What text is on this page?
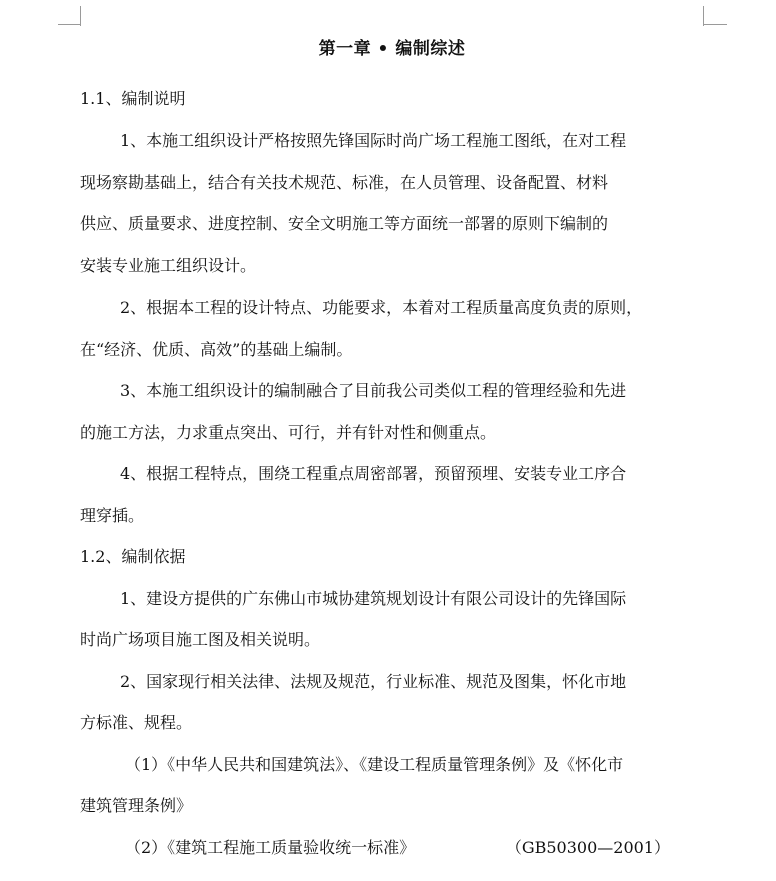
第一章 • 编制综述
1.1、编制说明
1、本施工组织设计严格按照先锋国际时尚广场工程施工图纸，在对工程
现场察勘基础上，结合有关技术规范、标准，在人员管理、设备配置、材料
供应、质量要求、进度控制、安全文明施工等方面统一部署的原则下编制的
安装专业施工组织设计。
2、根据本工程的设计特点、功能要求，本着对工程质量高度负责的原则，
在“经济、优质、高效”的基础上编制。
3、本施工组织设计的编制融合了目前我公司类似工程的管理经验和先进
的施工方法，力求重点突出、可行，并有针对性和侧重点。
4、根据工程特点，围绕工程重点周密部署，预留预埋、安装专业工序合
理穿插。
1.2、编制依据
1、建设方提供的广东佛山市城协建筑规划设计有限公司设计的先锋国际
时尚广场项目施工图及相关说明。
2、国家现行相关法律、法规及规范，行业标准、规范及图集，怀化市地
方标准、规程。
（1）《中华人民共和国建筑法》、《建设工程质量管理条例》及《怀化市
建筑管理条例》
（2）《建筑工程施工质量验收统一标准》	（GB50300—2001）
